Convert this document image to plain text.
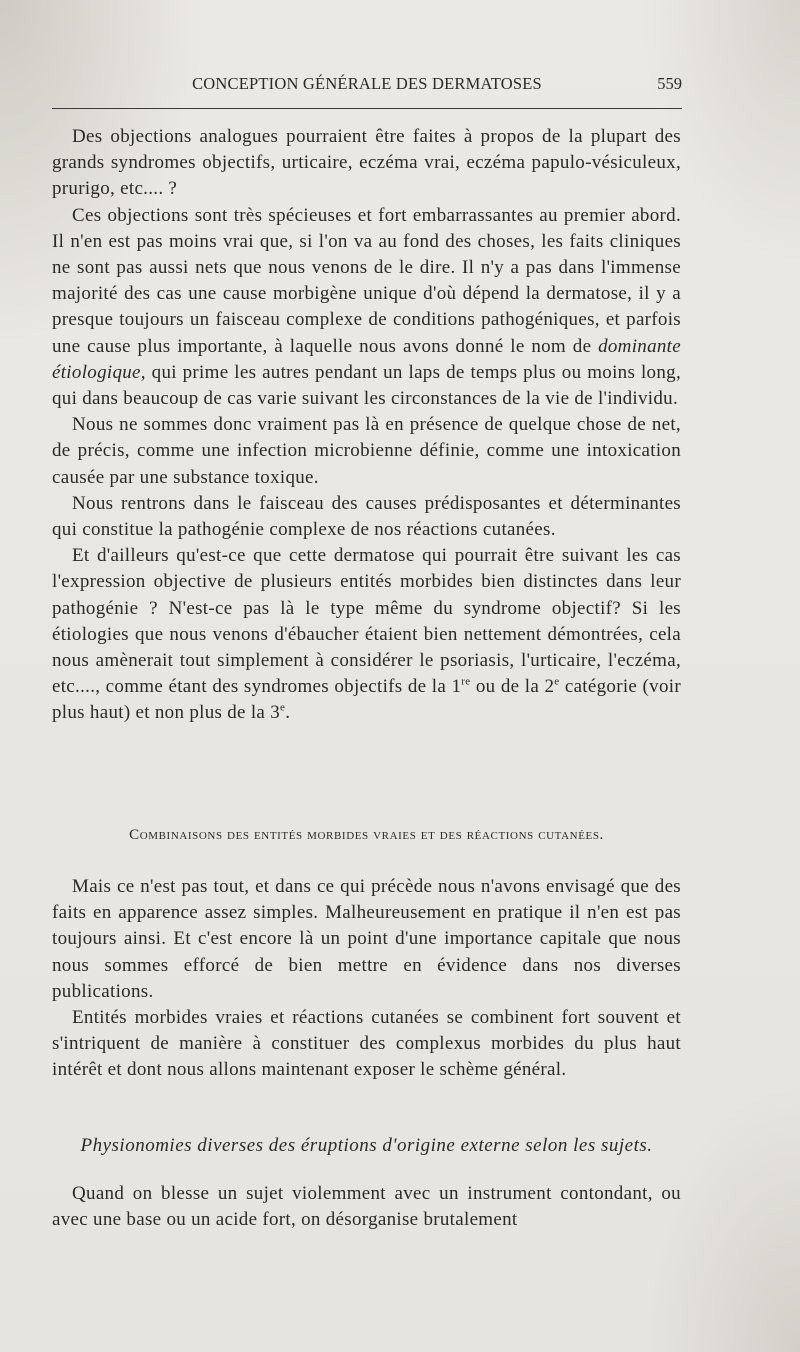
CONCEPTION GÉNÉRALE DES DERMATOSES	559

Des objections analogues pourraient être faites à propos de la plupart des grands syndromes objectifs, urticaire, eczéma vrai, eczéma papulo-vésiculeux, prurigo, etc.... ?

Ces objections sont très spécieuses et fort embarrassantes au premier abord. Il n'en est pas moins vrai que, si l'on va au fond des choses, les faits cliniques ne sont pas aussi nets que nous venons de le dire. Il n'y a pas dans l'immense majorité des cas une cause morbigène unique d'où dépend la dermatose, il y a presque toujours un faisceau complexe de conditions pathogéniques, et parfois une cause plus importante, à laquelle nous avons donné le nom de dominante étiologique, qui prime les autres pendant un laps de temps plus ou moins long, qui dans beaucoup de cas varie suivant les circonstances de la vie de l'individu.

Nous ne sommes donc vraiment pas là en présence de quelque chose de net, de précis, comme une infection microbienne définie, comme une intoxication causée par une substance toxique.

Nous rentrons dans le faisceau des causes prédisposantes et déterminantes qui constitue la pathogénie complexe de nos réactions cutanées.

Et d'ailleurs qu'est-ce que cette dermatose qui pourrait être suivant les cas l'expression objective de plusieurs entités morbides bien distinctes dans leur pathogénie ? N'est-ce pas là le type même du syndrome objectif? Si les étiologies que nous venons d'ébaucher étaient bien nettement démontrées, cela nous amènerait tout simplement à considérer le psoriasis, l'urticaire, l'eczéma, etc...., comme étant des syndromes objectifs de la 1re ou de la 2e catégorie (voir plus haut) et non plus de la 3e.

Combinaisons des entités morbides vraies et des réactions cutanées.

Mais ce n'est pas tout, et dans ce qui précède nous n'avons envisagé que des faits en apparence assez simples. Malheureusement en pratique il n'en est pas toujours ainsi. Et c'est encore là un point d'une importance capitale que nous nous sommes efforcé de bien mettre en évidence dans nos diverses publications.

Entités morbides vraies et réactions cutanées se combinent fort souvent et s'intriquent de manière à constituer des complexus morbides du plus haut intérêt et dont nous allons maintenant exposer le schème général.

Physionomies diverses des éruptions d'origine externe selon les sujets.

Quand on blesse un sujet violemment avec un instrument contondant, ou avec une base ou un acide fort, on désorganise brutalement
